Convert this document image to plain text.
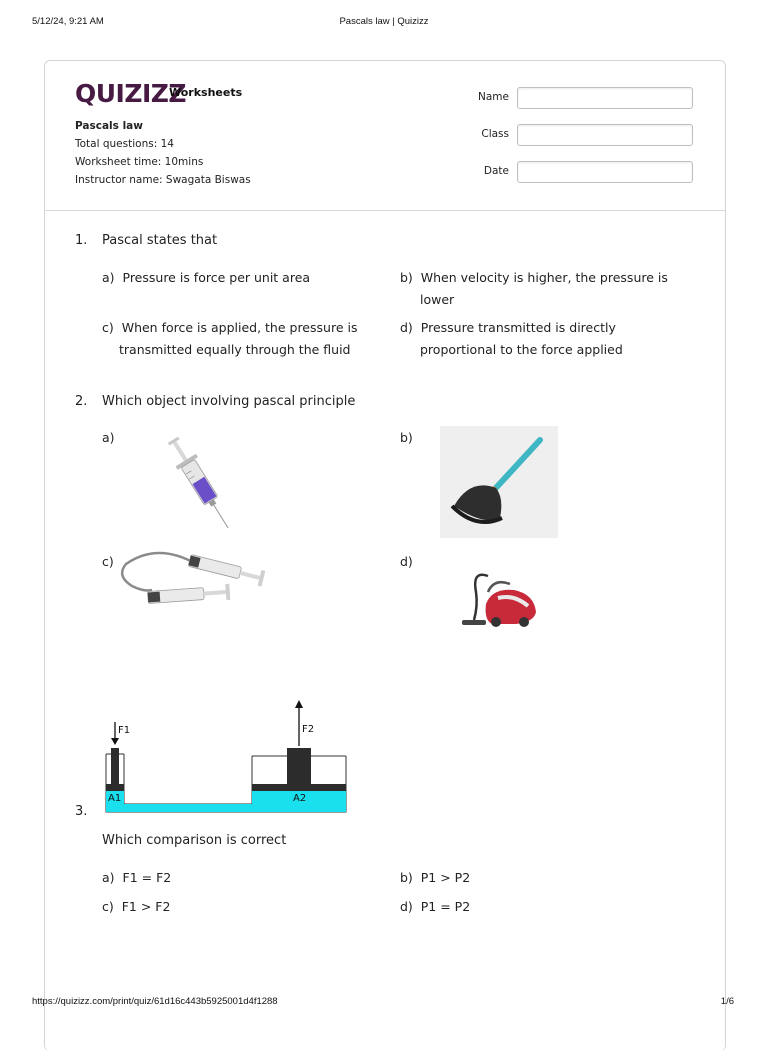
5/12/24, 9:21 AM	Pascals law | Quizizz
QUIZIZZ
Worksheets
Pascals law
Total questions: 14
Worksheet time: 10mins
Instructor name: Swagata Biswas
Name
Class
Date
1. Pascal states that
a) Pressure is force per unit area	b) When velocity is higher, the pressure is
lower
c) When force is applied, the pressure is
transmitted equally through the fluid
d) Pressure transmitted is directly
proportional to the force applied
2. Which object involving pascal principle
a)	b)
c)	d)
F1	F2
A1	A2
3.
Which comparison is correct
a) F1 = F2	b) P1 > P2
c) F1 > F2	d) P1 = P2
https://quizizz.com/print/quiz/61d16c443b5925001d4f1288	1/6
